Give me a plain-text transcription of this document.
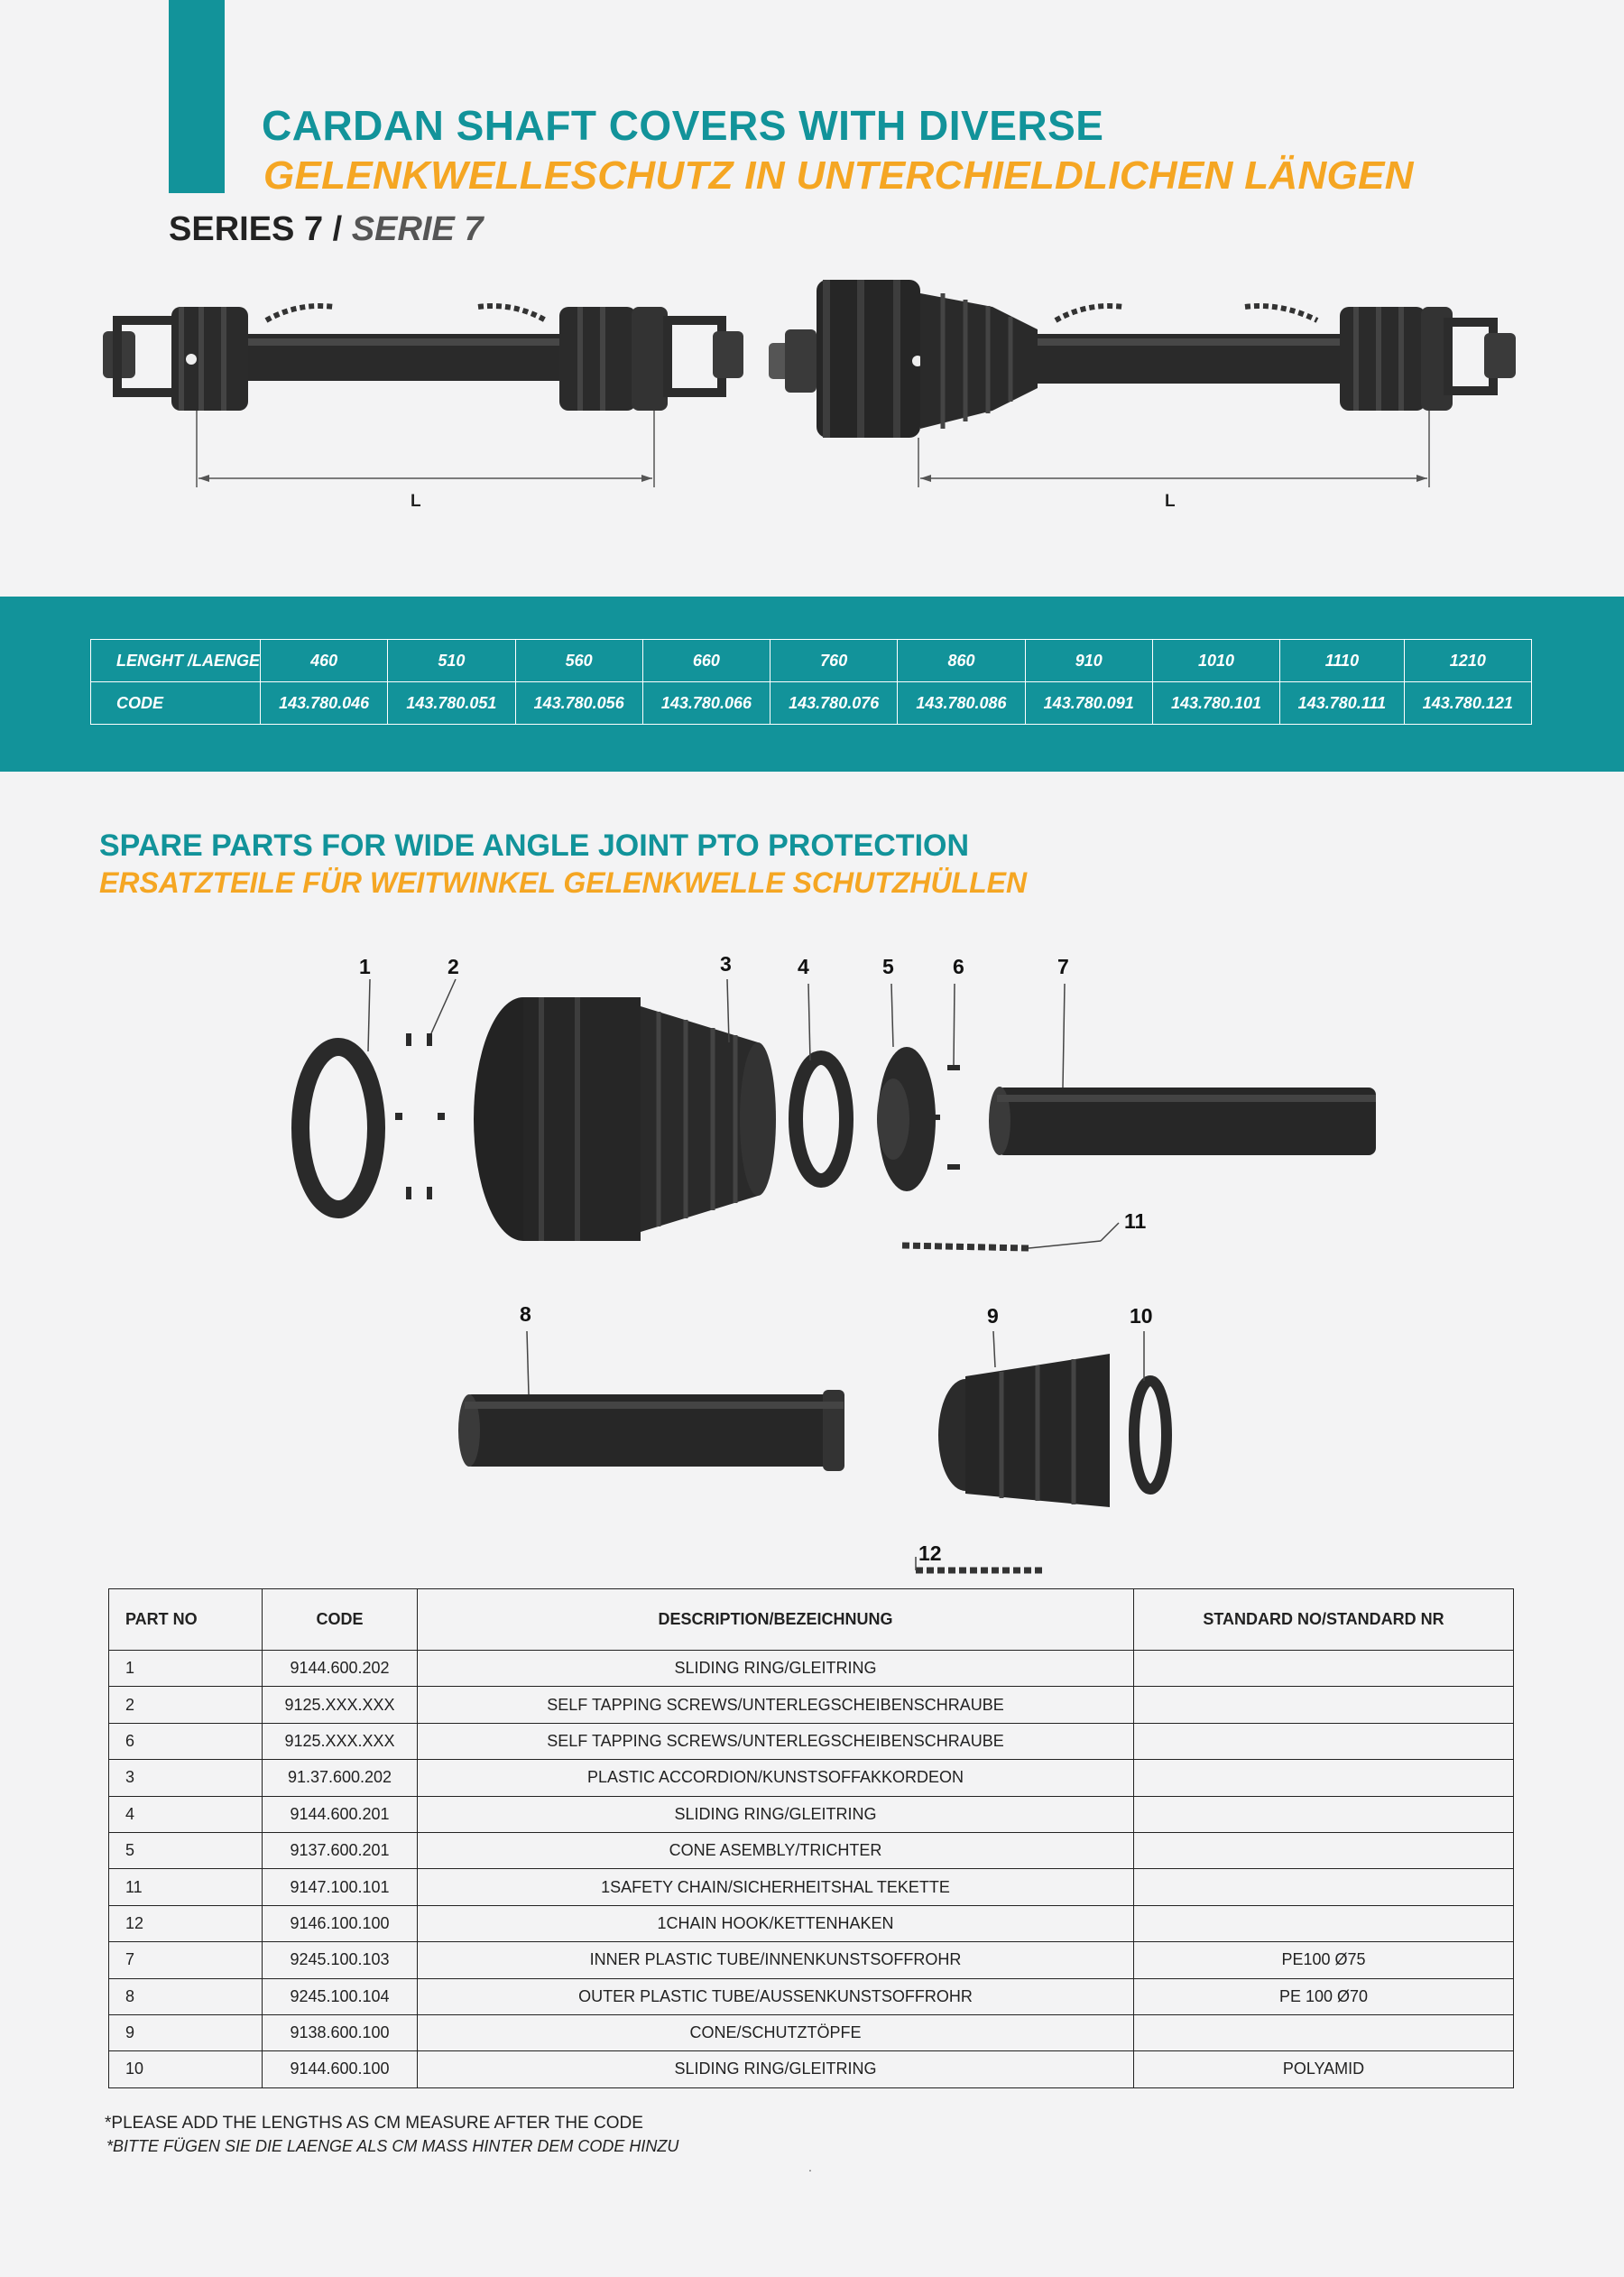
CARDAN SHAFT COVERS WITH DIVERSE
GELENKWELLESCHUTZ IN UNTERCHIELDLICHEN LÄNGEN
SERIES 7 / SERIE 7
L	L
LENGHT /LAENGE	460	510	560	660	760	860	910	1010	1110	1210
CODE	143.780.046	143.780.051	143.780.056	143.780.066	143.780.076	143.780.086	143.780.091	143.780.101	143.780.111	143.780.121
SPARE PARTS FOR WIDE ANGLE JOINT PTO PROTECTION
ERSATZTEILE FÜR WEITWINKEL GELENKWELLE SCHUTZHÜLLEN
1	2	3	4	5	6	7
11
8	9	10
12
PART NO	CODE	DESCRIPTION/BEZEICHNUNG	STANDARD NO/STANDARD NR
1	9144.600.202	SLIDING RING/GLEITRING	
2	9125.XXX.XXX	SELF TAPPING SCREWS/UNTERLEGSCHEIBENSCHRAUBE	
6	9125.XXX.XXX	SELF TAPPING SCREWS/UNTERLEGSCHEIBENSCHRAUBE	
3	91.37.600.202	PLASTIC ACCORDION/KUNSTSOFFAKKORDEON	
4	9144.600.201	SLIDING RING/GLEITRING	
5	9137.600.201	CONE ASEMBLY/TRICHTER	
11	9147.100.101	1SAFETY CHAIN/SICHERHEITSHAL TEKETTE	
12	9146.100.100	1CHAIN HOOK/KETTENHAKEN	
7	9245.100.103	INNER PLASTIC TUBE/INNENKUNSTSOFFROHR	PE100 Ø75
8	9245.100.104	OUTER PLASTIC TUBE/AUSSENKUNSTSOFFROHR	PE 100 Ø70
9	9138.600.100	CONE/SCHUTZTÖPFE	
10	9144.600.100	SLIDING RING/GLEITRING	POLYAMID
*PLEASE ADD THE LENGTHS AS CM MEASURE AFTER THE CODE
*BITTE FÜGEN SIE DIE LAENGE ALS CM MASS HINTER DEM CODE HINZU
.
